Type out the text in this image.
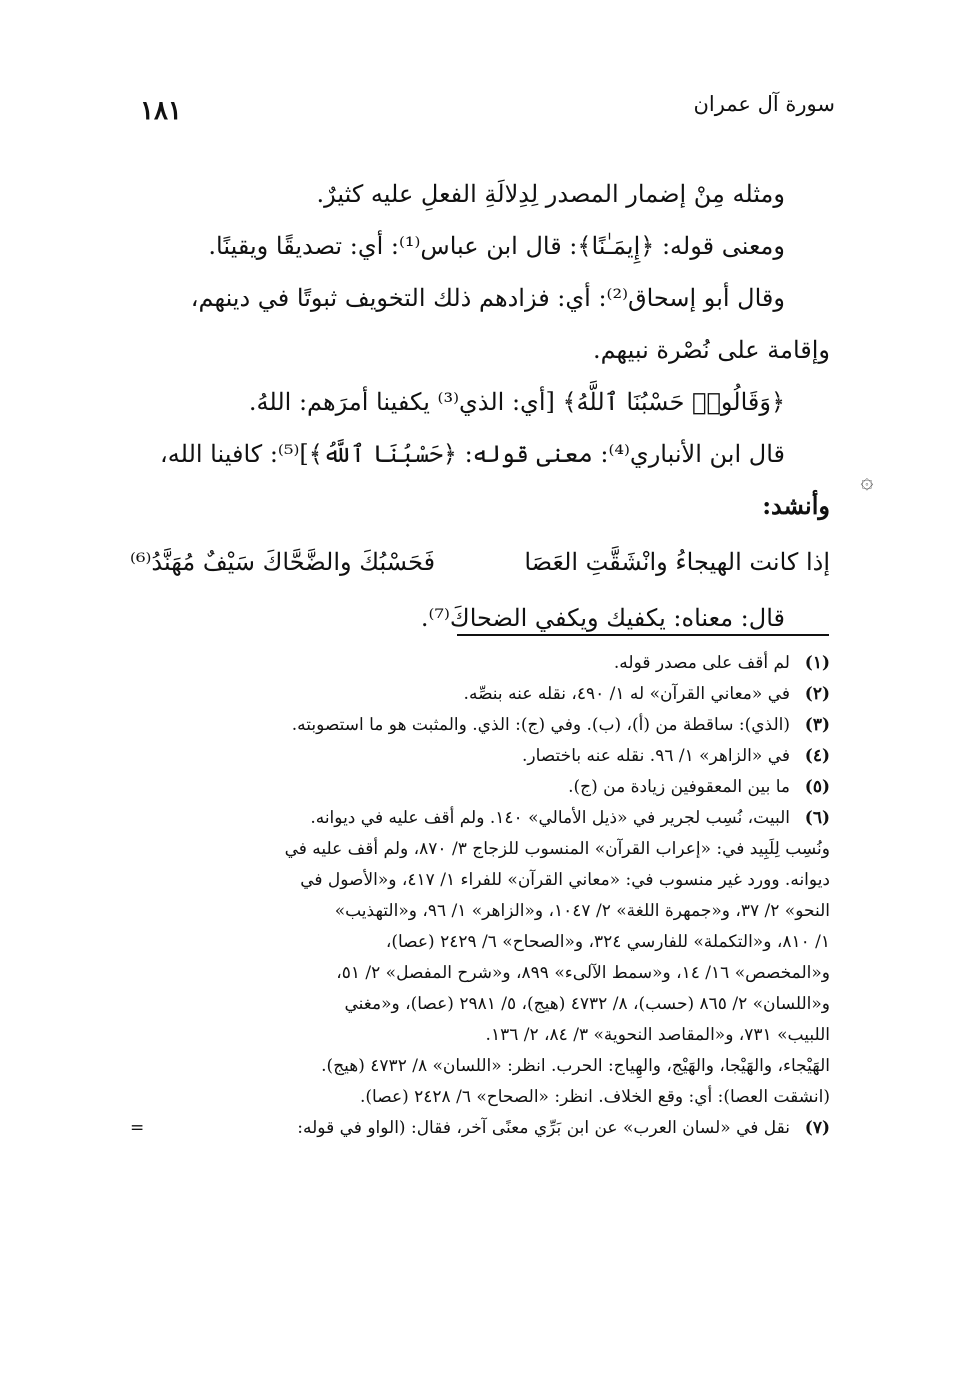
سورة آل عمران
١٨١
ومثله مِنْ إضمار المصدر لِدِلالَةِ الفعلِ عليه كثيرٌ.
ومعنى قوله: ﴿إِيمَـٰنًا﴾: قال ابن عباس⁽¹⁾: أي: تصديقًا ويقينًا.
وقال أبو إسحاق⁽²⁾: أي: فزادهم ذلك التخويف ثبوتًا في دينهم،
وإقامة على نُصْرة نبيهم.
﴿وَقَالُوا۟ حَسْبُنَا ٱللَّهُ﴾ [أي: الذي⁽³⁾ يكفينا أمرَهم: اللهُ.
قال ابن الأنباري⁽⁴⁾: معنى قوله: ﴿حَسْبُنَا ٱللَّهُ﴾]⁽⁵⁾: كافينا الله،
وأنشد:
إذا كانت الهيجاءُ وانْشَقَّتِ العَصَا
فَحَسْبُكَ والضَّحَّاكَ سَيْفٌ مُهَنَّدُ⁽⁶⁾
قال: معناه: يكفيك ويكفي الضحاكَ⁽⁷⁾.
۞
(١)لم أقف على مصدر قوله.
(٢)في «معاني القرآن» له ١/ ٤٩٠، نقله عنه بنصِّه.
(٣)(الذي): ساقطة من (أ)، (ب). وفي (ج): الذي. والمثبت هو ما استصوبته.
(٤)في «الزاهر» ١/ ٩٦. نقله عنه باختصار.
(٥)ما بين المعقوفين زيادة من (ج).
(٦)البيت، نُسِب لجرير في «ذيل الأمالي» ١٤٠. ولم أقف عليه في ديوانه.
ونُسِب لِلَبِيد في: «إعراب القرآن» المنسوب للزجاج ٣/ ٨٧٠، ولم أقف عليه في
ديوانه. وورد غير منسوب في: «معاني القرآن» للفراء ١/ ٤١٧، و«الأصول في
النحو» ٢/ ٣٧، و«جمهرة اللغة» ٢/ ١٠٤٧، و«الزاهر» ١/ ٩٦، و«التهذيب»
١/ ٨١٠، و«التكملة» للفارسي ٣٢٤، و«الصحاح» ٦/ ٢٤٢٩ (عصا)،
و«المخصص» ١٦/ ١٤، و«سمط الآلىء» ٨٩٩، و«شرح المفصل» ٢/ ٥١،
و«اللسان» ٢/ ٨٦٥ (حسب)، ٨/ ٤٧٣٢ (هيج)، ٥/ ٢٩٨١ (عصا)، و«مغني
اللبيب» ٧٣١، و«المقاصد النحوية» ٣/ ٨٤، ٢/ ١٣٦.
الهَيْجاء، والهَيْجا، والهَيْج، والهِياج: الحرب. انظر: «اللسان» ٨/ ٤٧٣٢ (هيج).
(انشقت العصا): أي: وقع الخلاف. انظر: «الصحاح» ٦/ ٢٤٢٨ (عصا).
(٧)نقل في «لسان العرب» عن ابن بَرِّي معنًى آخر، فقال: (الواو في قوله:
=
